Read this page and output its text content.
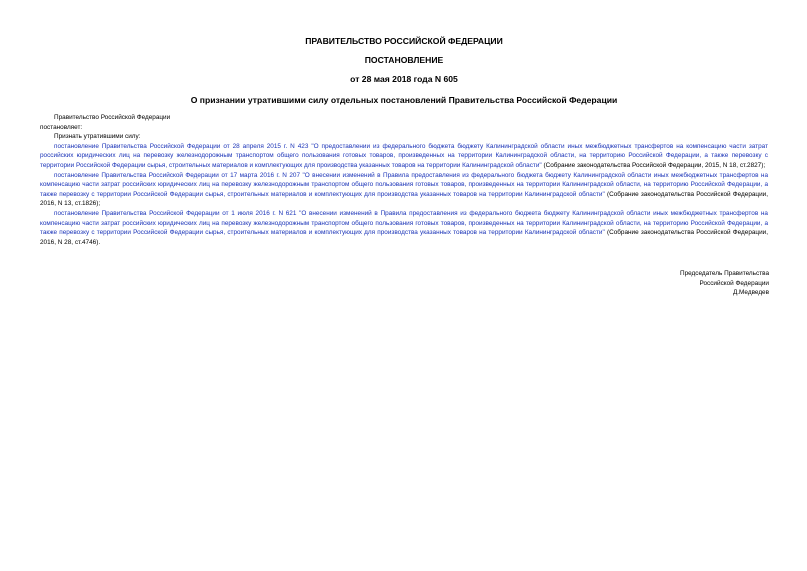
ПРАВИТЕЛЬСТВО РОССИЙСКОЙ ФЕДЕРАЦИИ
ПОСТАНОВЛЕНИЕ
от 28 мая 2018 года N 605
О признании утратившими силу отдельных постановлений Правительства Российской Федерации

Правительство Российской Федерации

постановляет:

Признать утратившими силу:

постановление Правительства Российской Федерации от 28 апреля 2015 г. N 423 "О предоставлении из федерального бюджета бюджету Калининградской области иных межбюджетных трансфертов на компенсацию части затрат российских юридических лиц на перевозку железнодорожным транспортом общего пользования готовых товаров, произведенных на территории Калининградской области, на территорию Российской Федерации, а также перевозку с территории Российской Федерации сырья, строительных материалов и комплектующих для производства указанных товаров на территории Калининградской области" (Собрание законодательства Российской Федерации, 2015, N 18, ст.2827);

постановление Правительства Российской Федерации от 17 марта 2016 г. N 207 "О внесении изменений в Правила предоставления из федерального бюджета бюджету Калининградской области иных межбюджетных трансфертов на компенсацию части затрат российских юридических лиц на перевозку железнодорожным транспортом общего пользования готовых товаров, произведенных на территории Калининградской области, на территорию Российской Федерации, а также перевозку с территории Российской Федерации сырья, строительных материалов и комплектующих для производства указанных товаров на территории Калининградской области" (Собрание законодательства Российской Федерации, 2016, N 13, ст.1826);

постановление Правительства Российской Федерации от 1 июля 2016 г. N 621 "О внесении изменений в Правила предоставления из федерального бюджета бюджету Калининградской области иных межбюджетных трансфертов на компенсацию части затрат российских юридических лиц на перевозку железнодорожным транспортом общего пользования готовых товаров, произведенных на территории Калининградской области, на территорию Российской Федерации, а также перевозку с территории Российской Федерации сырья, строительных материалов и комплектующих для производства указанных товаров на территории Калининградской области" (Собрание законодательства Российской Федерации, 2016, N 28, ст.4746).

Председатель Правительства
Российской Федерации
Д.Медведев
